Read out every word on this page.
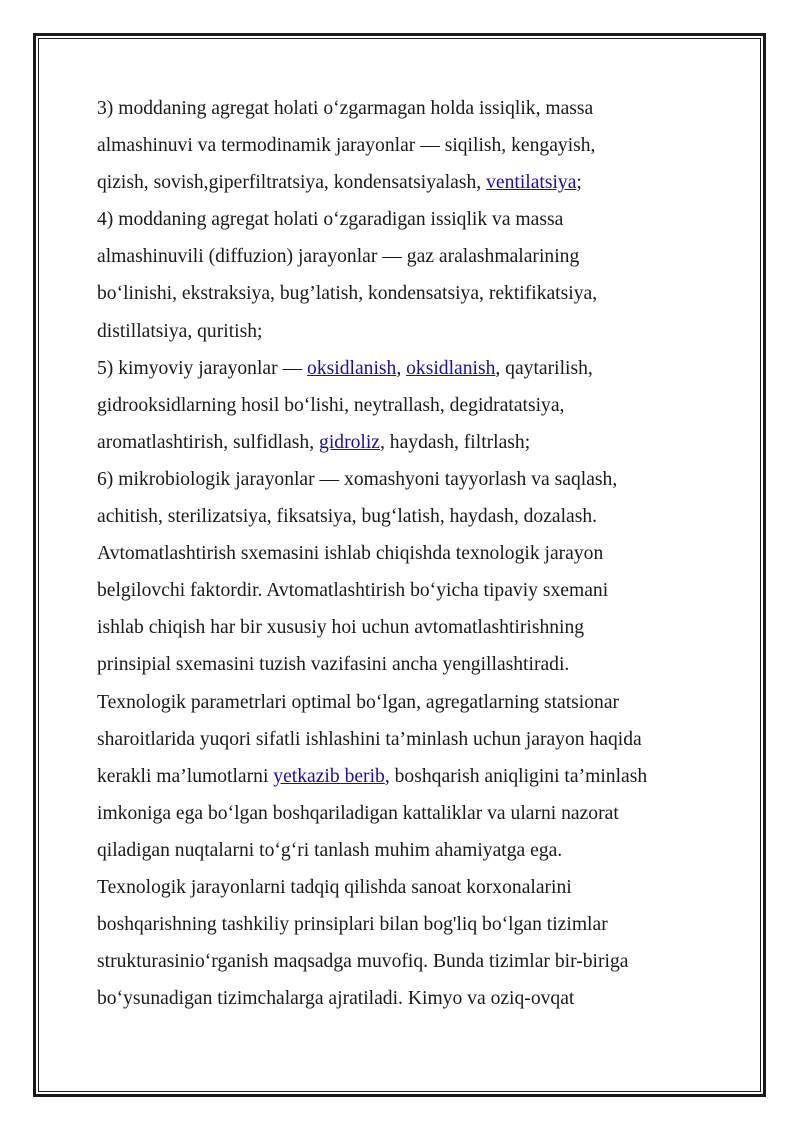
3) moddaning agregat holati o‘zgarmagan holda issiqlik, massa
almashinuvi va termodinamik jarayonlar — siqilish, kengayish,
qizish, sovish,giperfiltratsiya, kondensatsiyalash, ventilatsiya;
4) moddaning agregat holati o‘zgaradigan issiqlik va massa
almashinuvili (diffuzion) jarayonlar — gaz aralashmalarining
bo‘linishi, ekstraksiya, bug’latish, kondensatsiya, rektifikatsiya,
distillatsiya, quritish;
5) kimyoviy jarayonlar — oksidlanish, oksidlanish, qaytarilish,
gidrooksidlarning hosil bo‘lishi, neytrallash, degidratatsiya,
aromatlashtirish, sulfidlash, gidroliz, haydash, filtrlash;
6) mikrobiologik jarayonlar — xomashyoni tayyorlash va saqlash,
achitish, sterilizatsiya, fiksatsiya, bug‘latish, haydash, dozalash.
Avtomatlashtirish sxemasini ishlab chiqishda texnologik jarayon
belgilovchi faktordir. Avtomatlashtirish bo‘yicha tipaviy sxemani
ishlab chiqish har bir xususiy hoi uchun avtomatlashtirishning
prinsipial sxemasini tuzish vazifasini ancha yengillashtiradi.
Texnologik parametrlari optimal bo‘lgan, agregatlarning statsionar
sharoitlarida yuqori sifatli ishlashini ta’minlash uchun jarayon haqida
kerakli ma’lumotlarni yetkazib berib, boshqarish aniqligini ta’minlash
imkoniga ega bo‘lgan boshqariladigan kattaliklar va ularni nazorat
qiladigan nuqtalarni to‘g‘ri tanlash muhim ahamiyatga ega.
Texnologik jarayonlarni tadqiq qilishda sanoat korxonalarini
boshqarishning tashkiliy prinsiplari bilan bog'liq bo‘lgan tizimlar
strukturasinio‘rganish maqsadga muvofiq. Bunda tizimlar bir-biriga
bo‘ysunadigan tizimchalarga ajratiladi. Kimyo va oziq-ovqat
